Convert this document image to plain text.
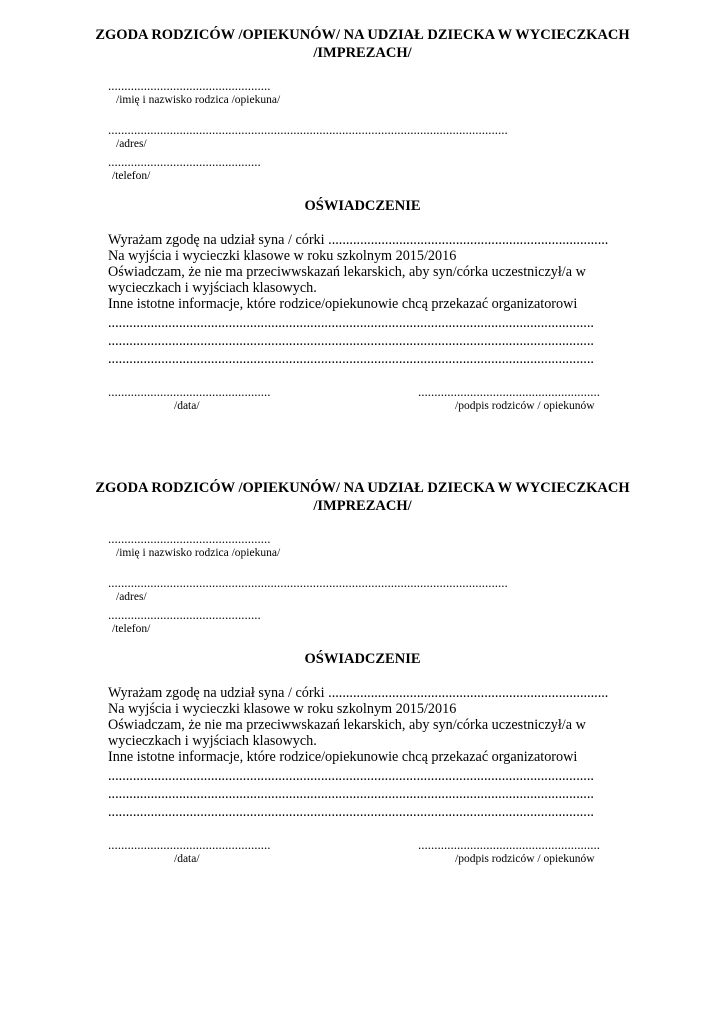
ZGODA RODZICÓW /OPIEKUNÓW/ NA UDZIAŁ DZIECKA W WYCIECZKACH
/IMPREZACH/
..................................................
/imię i nazwisko rodzica /opiekuna/
...........................................................................................................................
/adres/
...............................................
/telefon/
OŚWIADCZENIE
Wyrażam zgodę na udział syna / córki ...............................................................................
Na wyjścia i wycieczki klasowe w roku szkolnym 2015/2016
Oświadczam, że nie ma przeciwwskazań lekarskich, aby syn/córka uczestniczył/a w
wycieczkach i wyjściach klasowych.
Inne istotne informacje, które rodzice/opiekunowie chcą przekazać organizatorowi
.........................................................................................................................................
.........................................................................................................................................
.........................................................................................................................................
..................................................
/data/
........................................................
/podpis rodziców / opiekunów
ZGODA RODZICÓW /OPIEKUNÓW/ NA UDZIAŁ DZIECKA W WYCIECZKACH
/IMPREZACH/
..................................................
/imię i nazwisko rodzica /opiekuna/
...........................................................................................................................
/adres/
...............................................
/telefon/
OŚWIADCZENIE
Wyrażam zgodę na udział syna / córki ...............................................................................
Na wyjścia i wycieczki klasowe w roku szkolnym 2015/2016
Oświadczam, że nie ma przeciwwskazań lekarskich, aby syn/córka uczestniczył/a w
wycieczkach i wyjściach klasowych.
Inne istotne informacje, które rodzice/opiekunowie chcą przekazać organizatorowi
.........................................................................................................................................
.........................................................................................................................................
.........................................................................................................................................
..................................................
/data/
........................................................
/podpis rodziców / opiekunów
